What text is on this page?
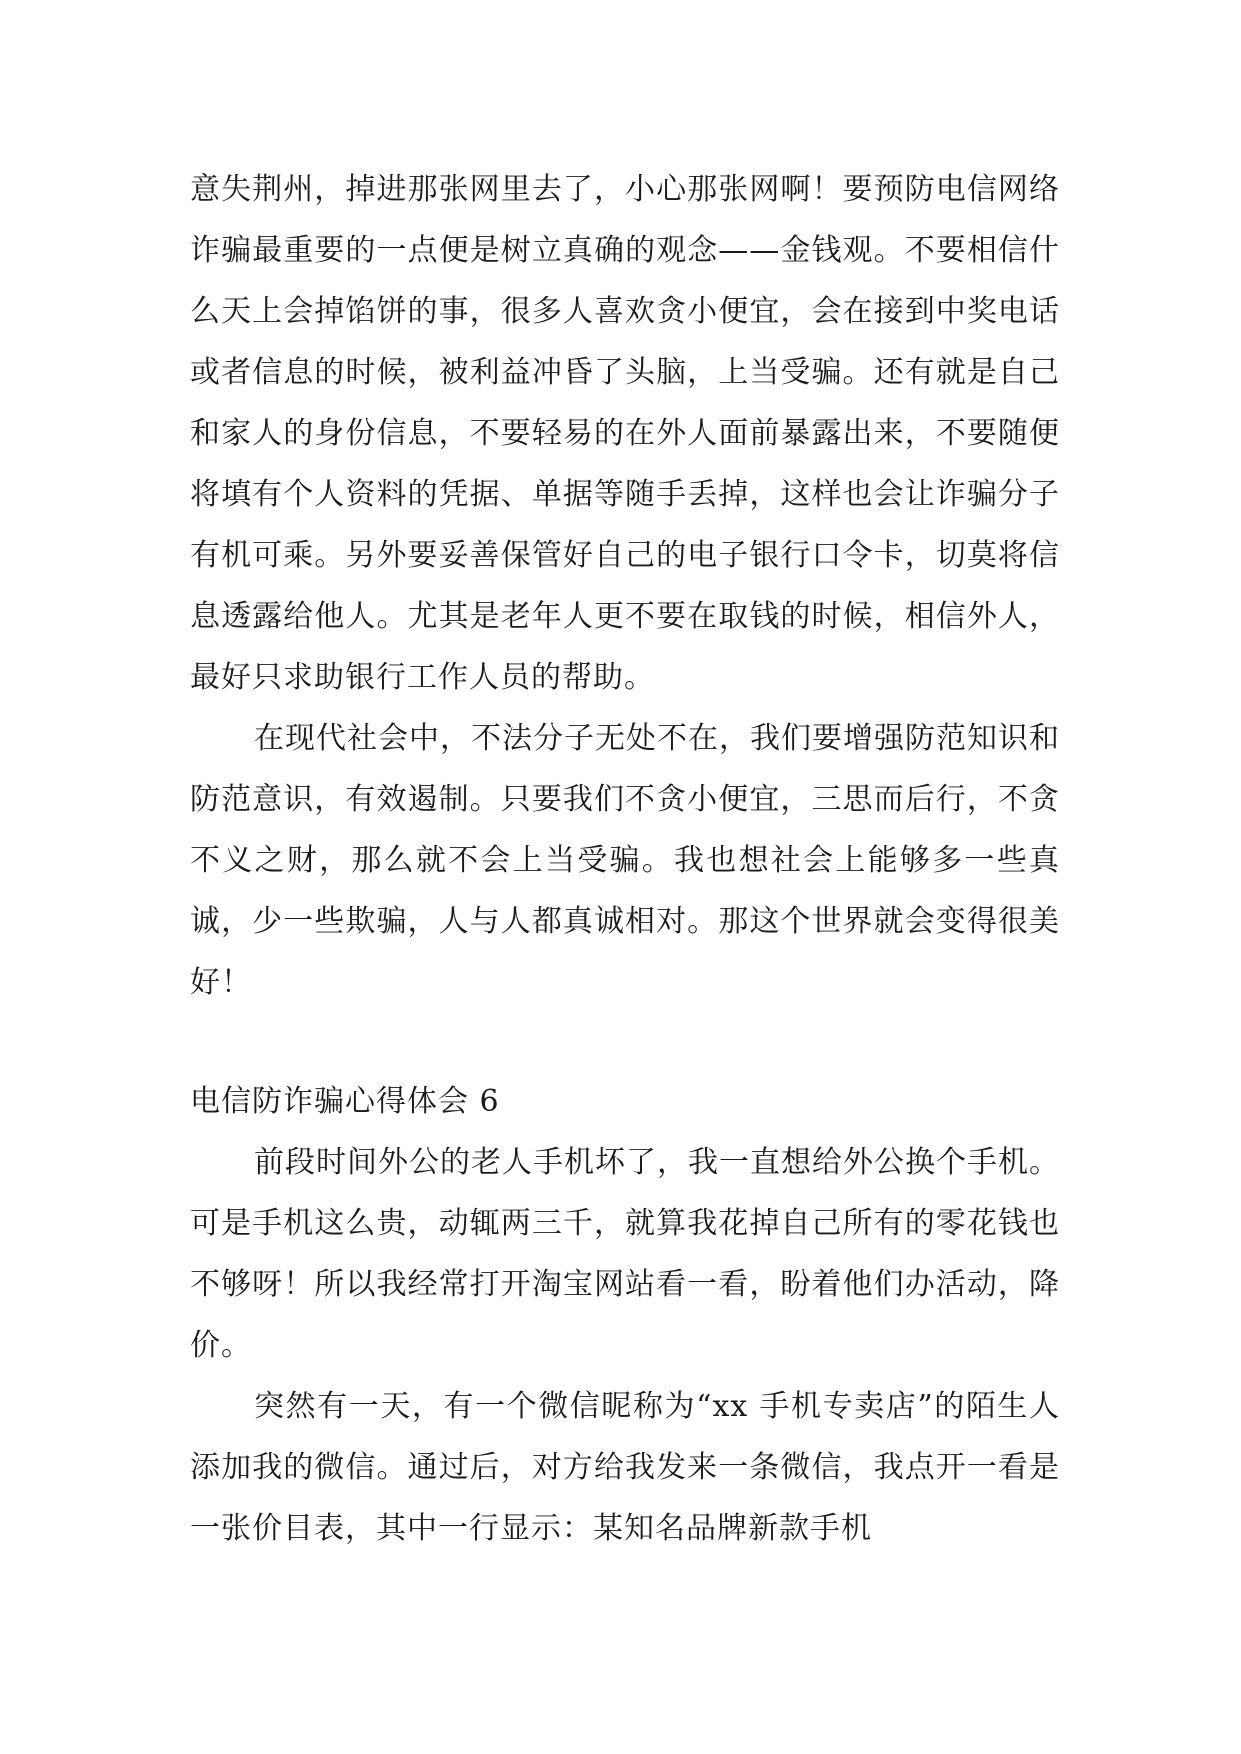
意失荆州，掉进那张网里去了，小心那张网啊！要预防电信网络诈骗最重要的一点便是树立真确的观念——金钱观。不要相信什么天上会掉馅饼的事，很多人喜欢贪小便宜，会在接到中奖电话或者信息的时候，被利益冲昏了头脑，上当受骗。还有就是自己和家人的身份信息，不要轻易的在外人面前暴露出来，不要随便将填有个人资料的凭据、单据等随手丢掉，这样也会让诈骗分子有机可乘。另外要妥善保管好自己的电子银行口令卡，切莫将信息透露给他人。尤其是老年人更不要在取钱的时候，相信外人，最好只求助银行工作人员的帮助。

在现代社会中，不法分子无处不在，我们要增强防范知识和防范意识，有效遏制。只要我们不贪小便宜，三思而后行，不贪不义之财，那么就不会上当受骗。我也想社会上能够多一些真诚，少一些欺骗，人与人都真诚相对。那这个世界就会变得很美好！

电信防诈骗心得体会 6

前段时间外公的老人手机坏了，我一直想给外公换个手机。可是手机这么贵，动辄两三千，就算我花掉自己所有的零花钱也不够呀！所以我经常打开淘宝网站看一看，盼着他们办活动，降价。

突然有一天，有一个微信昵称为“xx 手机专卖店”的陌生人添加我的微信。通过后，对方给我发来一条微信，我点开一看是一张价目表，其中一行显示：某知名品牌新款手机
